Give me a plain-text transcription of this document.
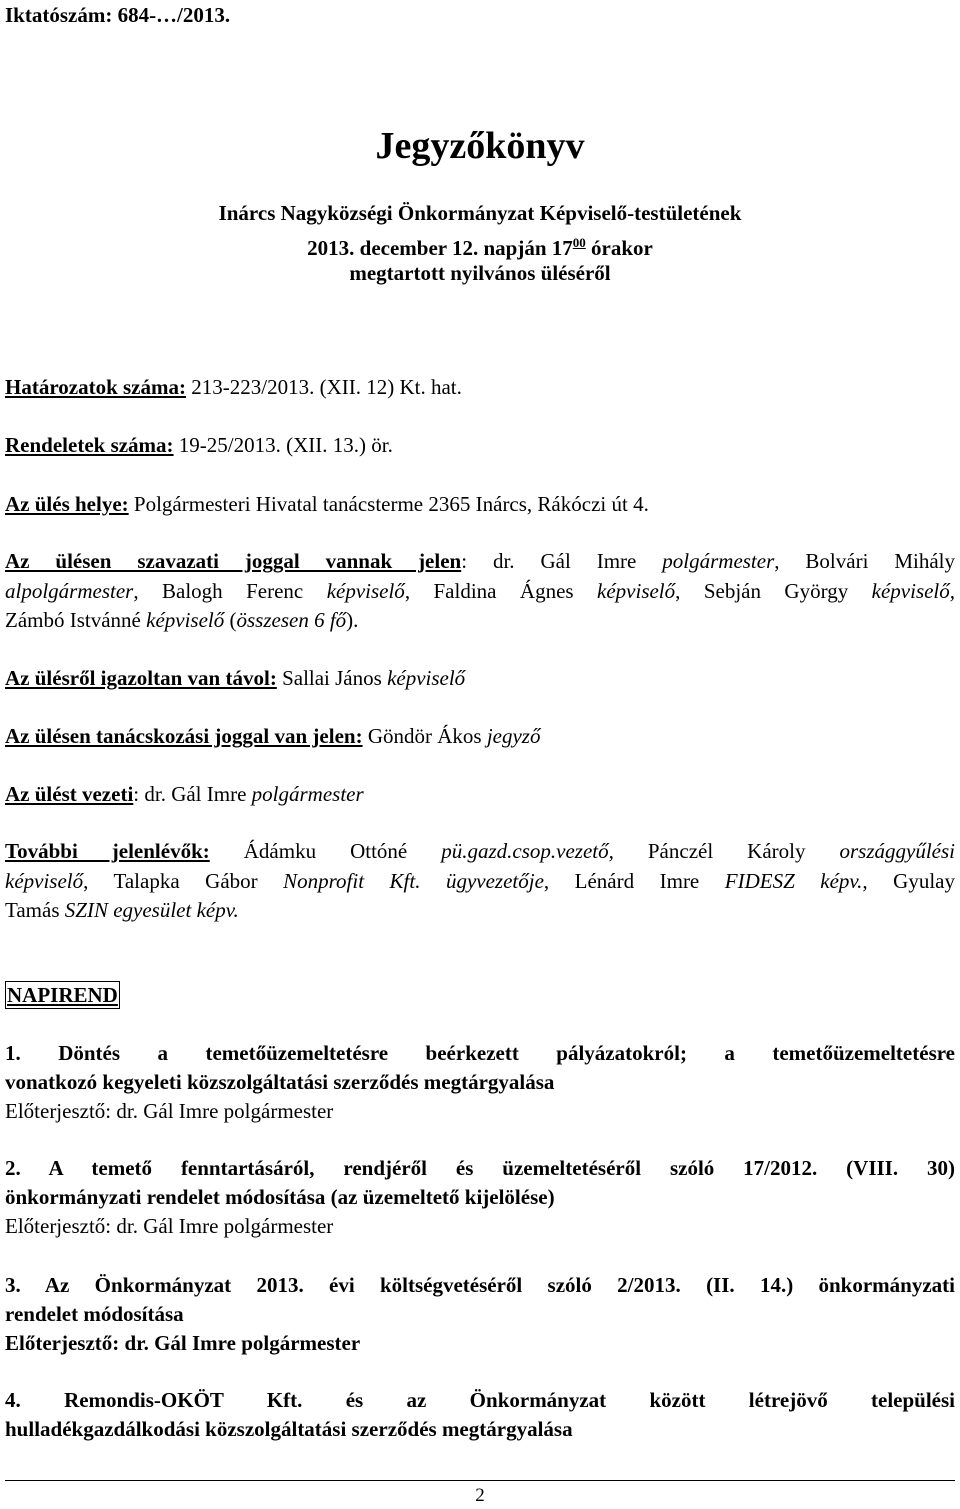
Iktatószám: 684-…/2013.
Jegyzőkönyv
Inárcs Nagyközségi Önkormányzat Képviselő-testületének
2013. december 12. napján $17^{00}$ órakor
megtartott nyilvános üléséről
Határozatok száma: 213-223/2013. (XII. 12) Kt. hat.
Rendeletek száma: 19-25/2013. (XII. 13.) ör.
Az ülés helye: Polgármesteri Hivatal tanácsterme 2365 Inárcs, Rákóczi út 4.
Az ülésen szavazati joggal vannak jelen: dr. Gál Imre polgármester, Bolvári Mihály
alpolgármester, Balogh Ferenc képviselő, Faldina Ágnes képviselő, Sebján György képviselő,
Zámbó Istvánné képviselő (összesen 6 fő).
Az ülésről igazoltan van távol: Sallai János képviselő
Az ülésen tanácskozási joggal van jelen: Göndör Ákos jegyző
Az ülést vezeti: dr. Gál Imre polgármester
További jelenlévők: Ádámku Ottóné pü.gazd.csop.vezető, Pánczél Károly országgyűlési
képviselő, Talapka Gábor Nonprofit Kft. ügyvezetője, Lénárd Imre FIDESZ képv., Gyulay
Tamás SZIN egyesület képv.
NAPIREND
1. Döntés a temetőüzemeltetésre beérkezett pályázatokról; a temetőüzemeltetésre
vonatkozó kegyeleti közszolgáltatási szerződés megtárgyalása
Előterjesztő: dr. Gál Imre polgármester
2. A temető fenntartásáról, rendjéről és üzemeltetéséről szóló 17/2012. (VIII. 30)
önkormányzati rendelet módosítása (az üzemeltető kijelölése)
Előterjesztő: dr. Gál Imre polgármester
3. Az Önkormányzat 2013. évi költségvetéséről szóló 2/2013. (II. 14.) önkormányzati
rendelet módosítása
Előterjesztő: dr. Gál Imre polgármester
4. Remondis-OKÖT Kft. és az Önkormányzat között létrejövő települési
hulladékgazdálkodási közszolgáltatási szerződés megtárgyalása
2
